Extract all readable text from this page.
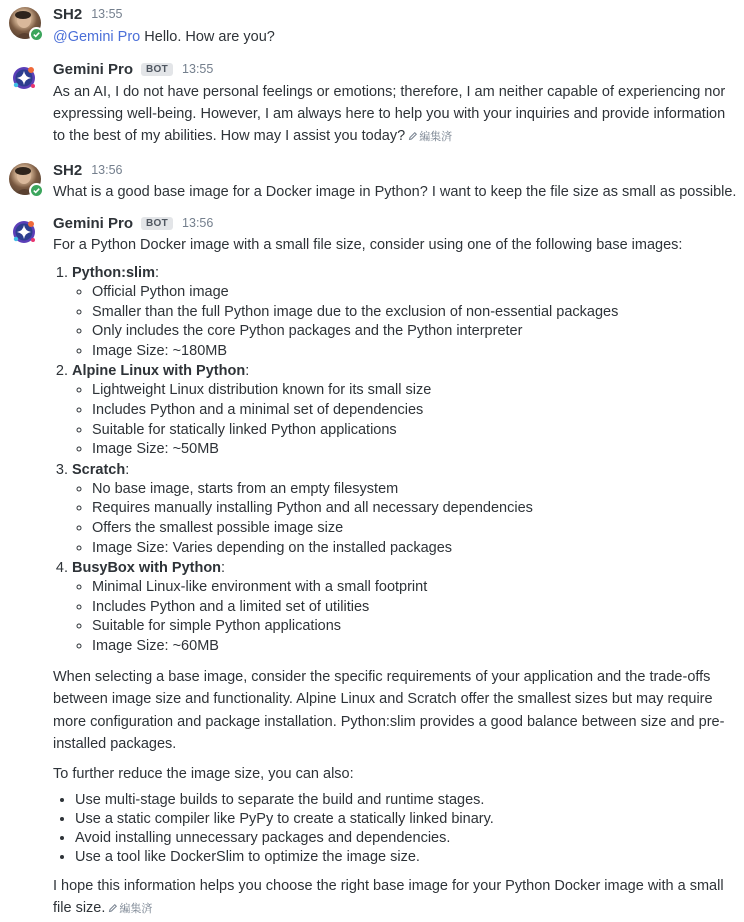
SH2 13:55
@Gemini Pro Hello. How are you?
Gemini Pro	BOT	13:55
As an AI, I do not have personal feelings or emotions; therefore, I am neither capable of experiencing nor expressing well-being. However, I am always here to help you with your inquiries and provide information to the best of my abilities. How may I assist you today? 編集済
SH2 13:56
What is a good base image for a Docker image in Python? I want to keep the file size as small as possible.
Gemini Pro	BOT	13:56

For a Python Docker image with a small file size, consider using one of the following base images:

1. Python:slim:
◦ Official Python image
◦ Smaller than the full Python image due to the exclusion of non-essential packages
◦ Only includes the core Python packages and the Python interpreter
◦ Image Size: ~180MB
2. Alpine Linux with Python:
◦ Lightweight Linux distribution known for its small size
◦ Includes Python and a minimal set of dependencies
◦ Suitable for statically linked Python applications
◦ Image Size: ~50MB
3. Scratch:
◦ No base image, starts from an empty filesystem
◦ Requires manually installing Python and all necessary dependencies
◦ Offers the smallest possible image size
◦ Image Size: Varies depending on the installed packages
4. BusyBox with Python:
◦ Minimal Linux-like environment with a small footprint
◦ Includes Python and a limited set of utilities
◦ Suitable for simple Python applications
◦ Image Size: ~60MB

When selecting a base image, consider the specific requirements of your application and the trade-offs between image size and functionality. Alpine Linux and Scratch offer the smallest sizes but may require more configuration and package installation. Python:slim provides a good balance between size and pre-installed packages.

To further reduce the image size, you can also:

• Use multi-stage builds to separate the build and runtime stages.
• Use a static compiler like PyPy to create a statically linked binary.
• Avoid installing unnecessary packages and dependencies.
• Use a tool like DockerSlim to optimize the image size.

I hope this information helps you choose the right base image for your Python Docker image with a small file size. 編集済
